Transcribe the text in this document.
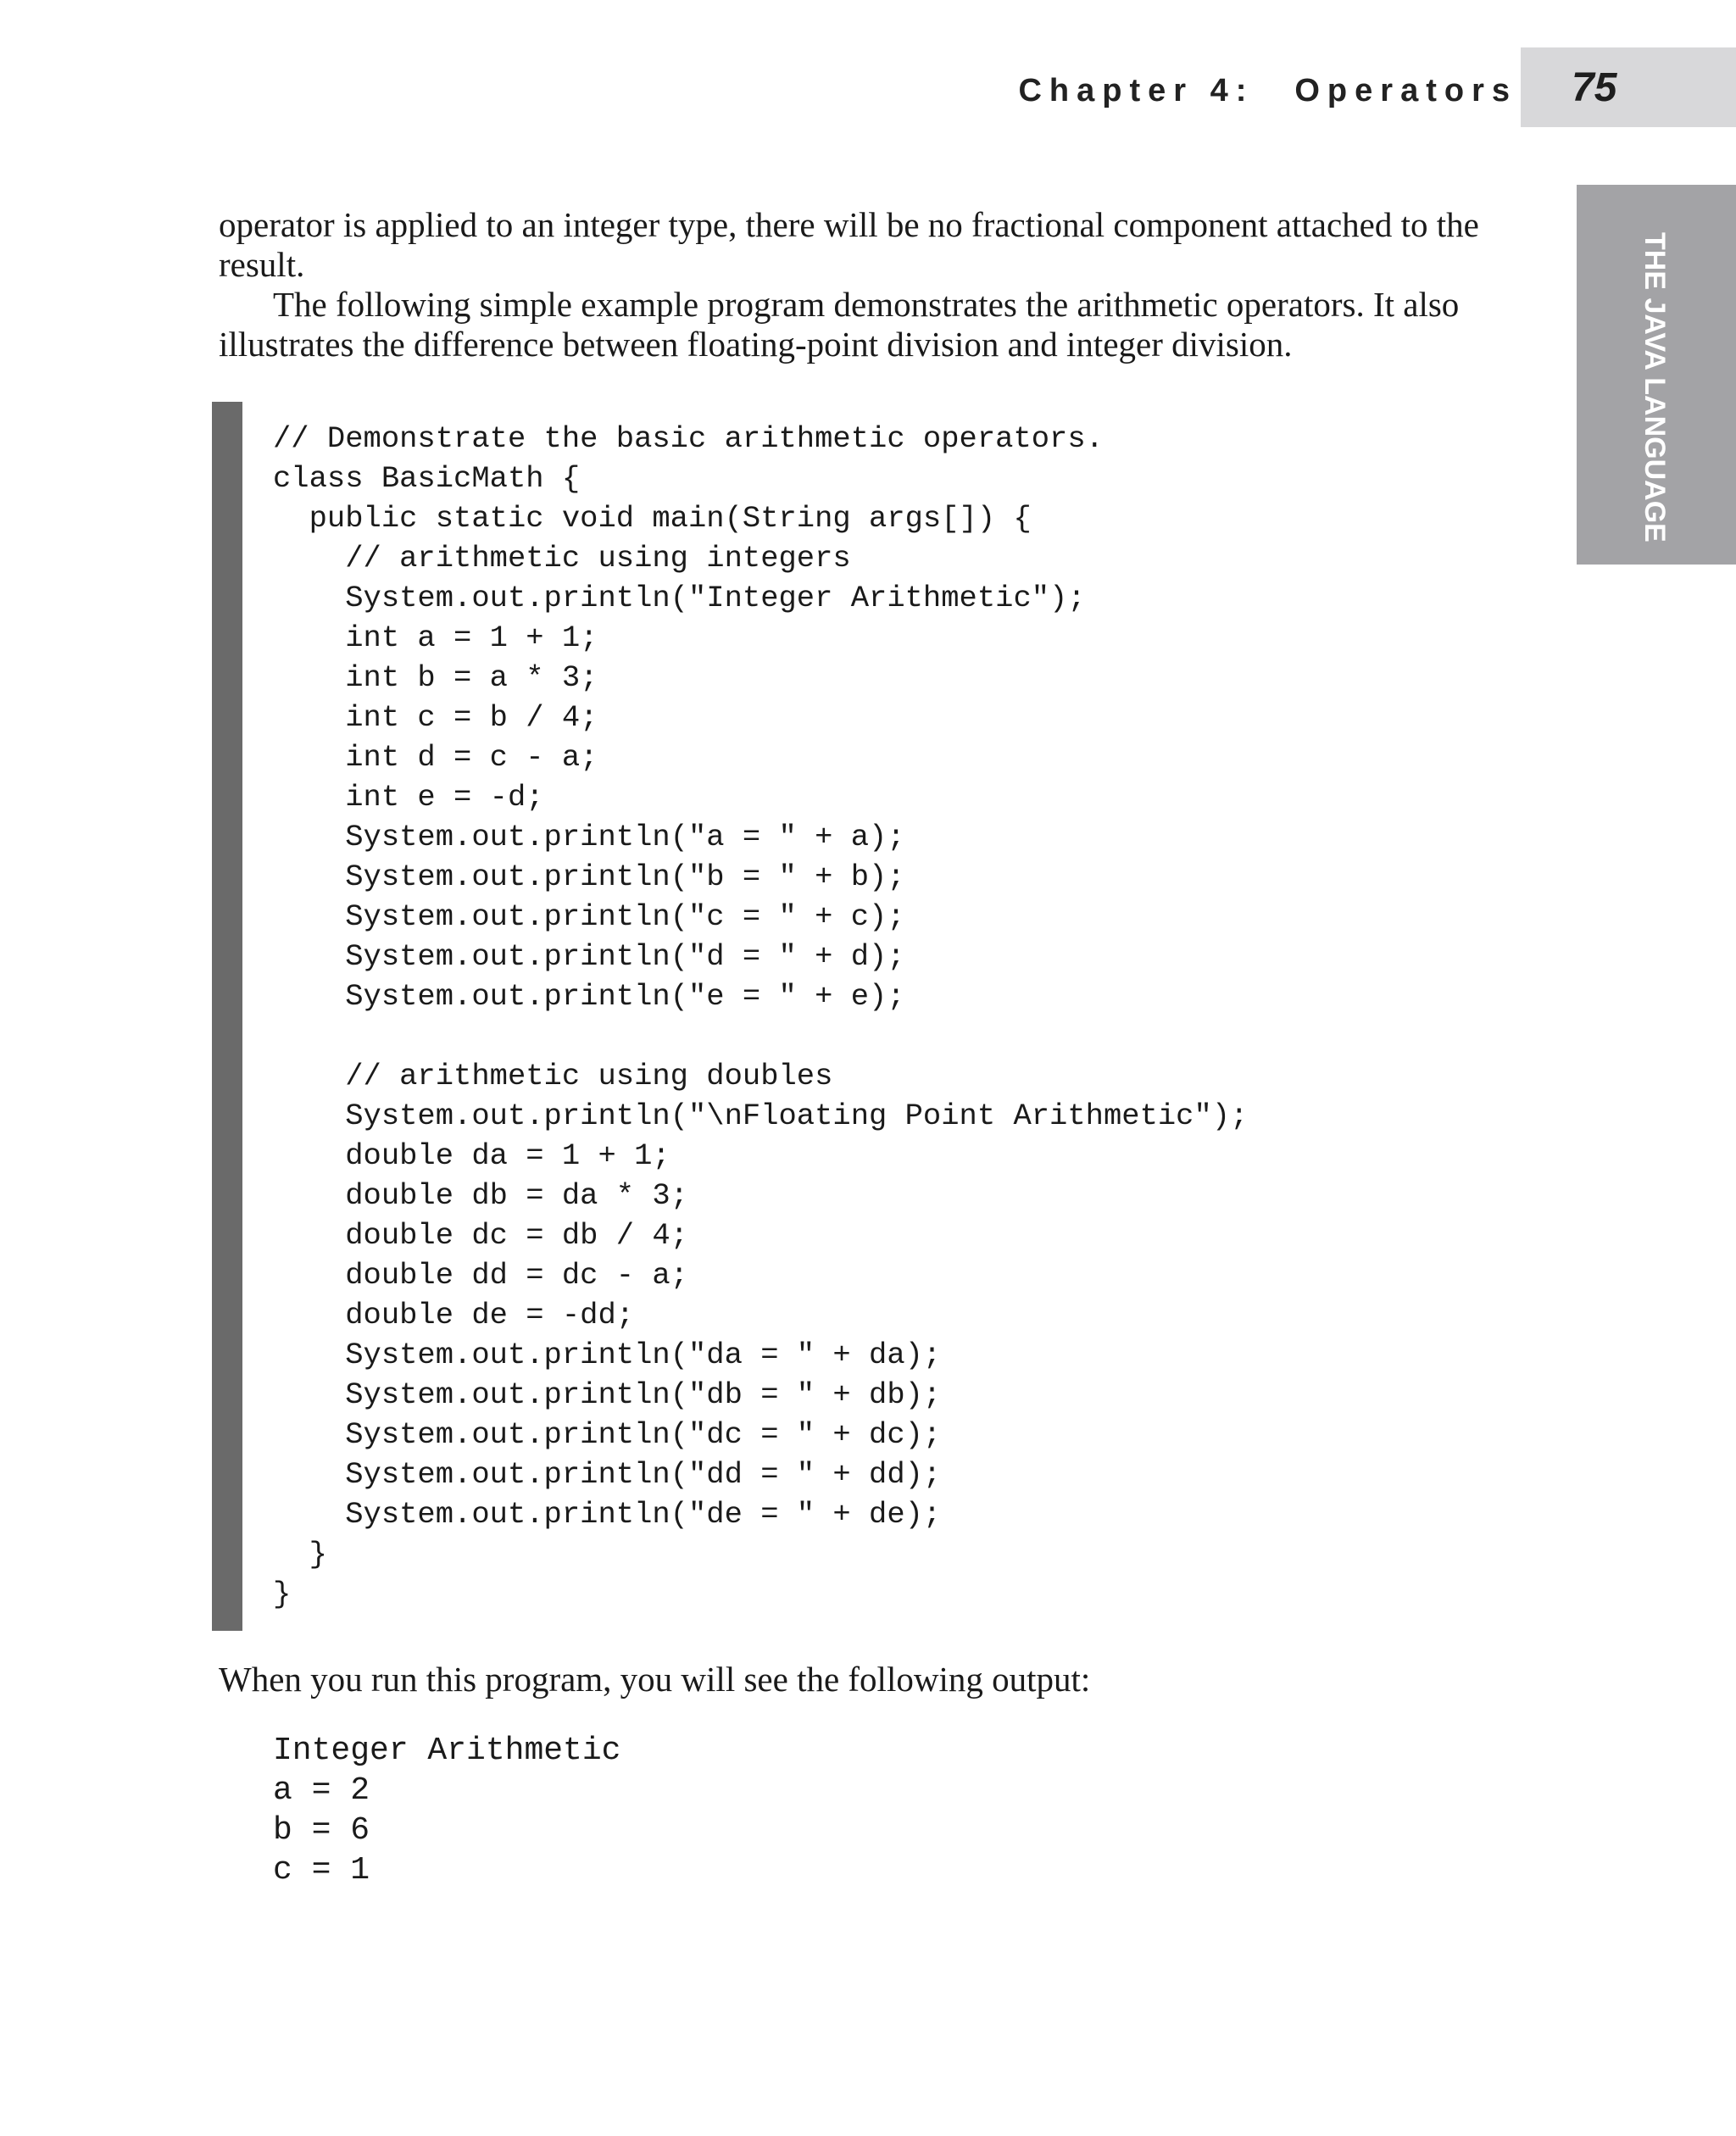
Chapter 4: Operators 75
THE JAVA LANGUAGE

operator is applied to an integer type, there will be no fractional component attached to the result.

The following simple example program demonstrates the arithmetic operators. It also illustrates the difference between floating-point division and integer division.

// Demonstrate the basic arithmetic operators.
class BasicMath {
public static void main(String args[]) {
// arithmetic using integers
System.out.println("Integer Arithmetic");
int a = 1 + 1;
int b = a * 3;
int c = b / 4;
int d = c - a;
int e = -d;
System.out.println("a = " + a);
System.out.println("b = " + b);
System.out.println("c = " + c);
System.out.println("d = " + d);
System.out.println("e = " + e);
// arithmetic using doubles
System.out.println("\nFloating Point Arithmetic");
double da = 1 + 1;
double db = da * 3;
double dc = db / 4;
double dd = dc - a;
double de = -dd;
System.out.println("da = " + da);
System.out.println("db = " + db);
System.out.println("dc = " + dc);
System.out.println("dd = " + dd);
System.out.println("de = " + de);
}
}

When you run this program, you will see the following output:

Integer Arithmetic
a = 2
b = 6
c = 1
